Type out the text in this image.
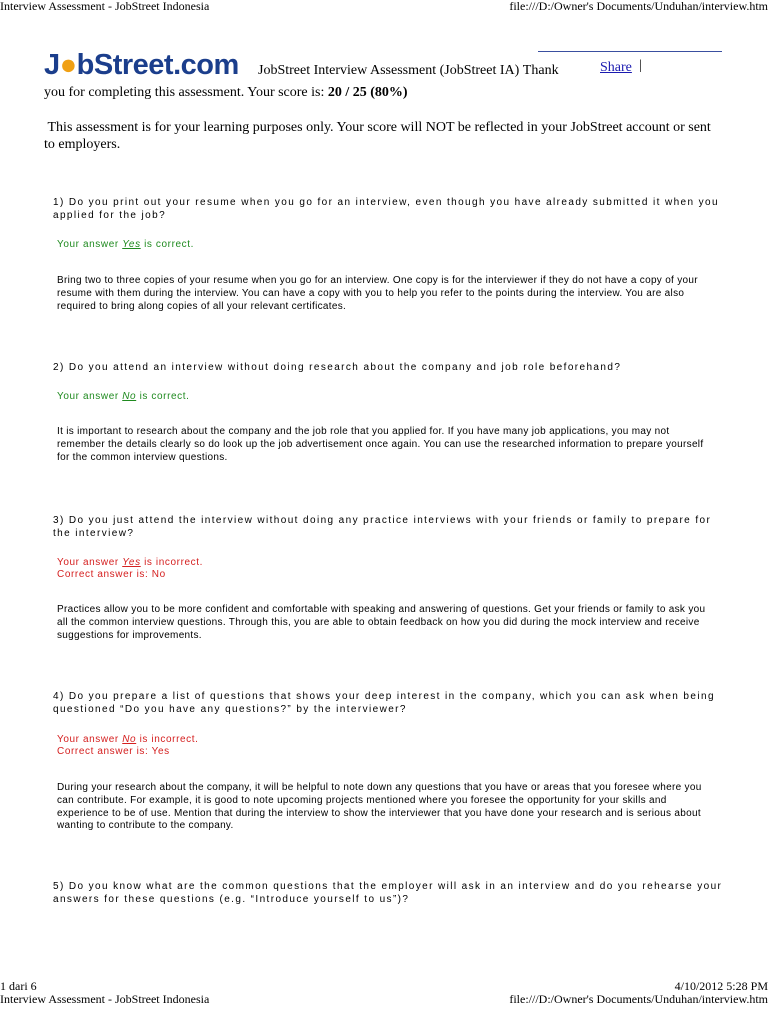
Interview Assessment - JobStreet Indonesia	file:///D:/Owner's Documents/Unduhan/interview.htm
J●bStreet.com JobStreet Interview Assessment (JobStreet IA) Thank	Share |
you for completing this assessment. Your score is: 20 / 25 (80%)
This assessment is for your learning purposes only. Your score will NOT be reflected in your JobStreet account or sent to employers.
1) Do you print out your resume when you go for an interview, even though you have already submitted it when you applied for the job?
Your answer Yes is correct.
Bring two to three copies of your resume when you go for an interview. One copy is for the interviewer if they do not have a copy of your resume with them during the interview. You can have a copy with you to help you refer to the points during the interview. You are also required to bring along copies of all your relevant certificates.
2) Do you attend an interview without doing research about the company and job role beforehand?
Your answer No is correct.
It is important to research about the company and the job role that you applied for. If you have many job applications, you may not remember the details clearly so do look up the job advertisement once again. You can use the researched information to prepare yourself for the common interview questions.
3) Do you just attend the interview without doing any practice interviews with your friends or family to prepare for the interview?
Your answer Yes is incorrect.
Correct answer is: No
Practices allow you to be more confident and comfortable with speaking and answering of questions. Get your friends or family to ask you all the common interview questions. Through this, you are able to obtain feedback on how you did during the mock interview and receive suggestions for improvements.
4) Do you prepare a list of questions that shows your deep interest in the company, which you can ask when being questioned “Do you have any questions?” by the interviewer?
Your answer No is incorrect.
Correct answer is: Yes
During your research about the company, it will be helpful to note down any questions that you have or areas that you foresee where you can contribute. For example, it is good to note upcoming projects mentioned where you foresee the opportunity for your skills and experience to be of use. Mention that during the interview to show the interviewer that you have done your research and is serious about wanting to contribute to the company.
5) Do you know what are the common questions that the employer will ask in an interview and do you rehearse your answers for these questions (e.g. “Introduce yourself to us”)?
1 dari 6	4/10/2012 5:28 PM
Interview Assessment - JobStreet Indonesia	file:///D:/Owner's Documents/Unduhan/interview.htm
